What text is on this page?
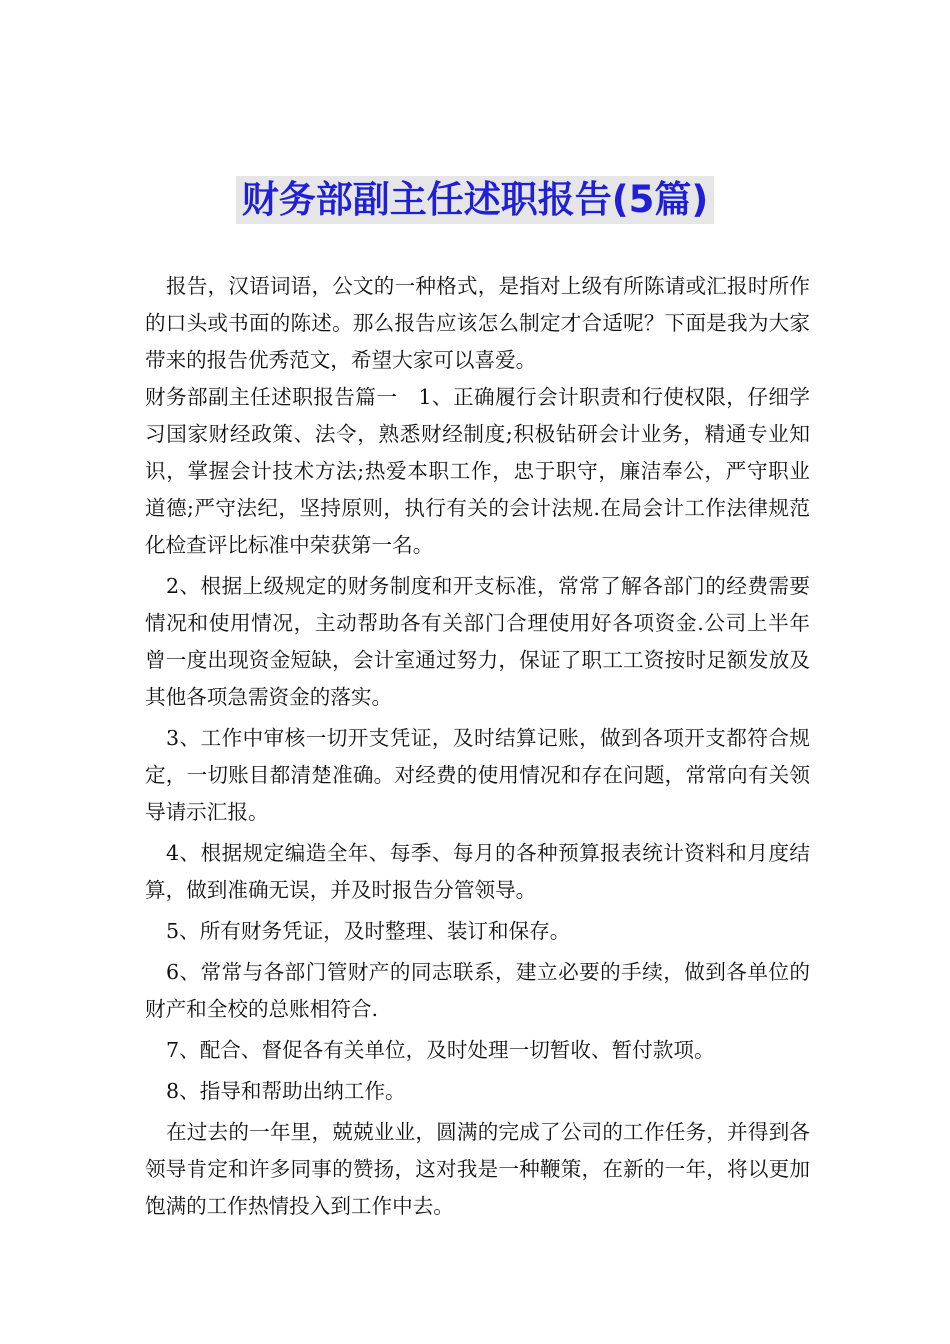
财务部副主任述职报告(5篇)

报告，汉语词语，公文的一种格式，是指对上级有所陈请或汇报时所作的口头或书面的陈述。那么报告应该怎么制定才合适呢？下面是我为大家带来的报告优秀范文，希望大家可以喜爱。

财务部副主任述职报告篇一　1、正确履行会计职责和行使权限，仔细学习国家财经政策、法令，熟悉财经制度;积极钻研会计业务，精通专业知识，掌握会计技术方法;热爱本职工作，忠于职守，廉洁奉公，严守职业道德;严守法纪，坚持原则，执行有关的会计法规.在局会计工作法律规范化检查评比标准中荣获第一名。

2、根据上级规定的财务制度和开支标准，常常了解各部门的经费需要情况和使用情况，主动帮助各有关部门合理使用好各项资金.公司上半年曾一度出现资金短缺，会计室通过努力，保证了职工工资按时足额发放及其他各项急需资金的落实。

3、工作中审核一切开支凭证，及时结算记账，做到各项开支都符合规定，一切账目都清楚准确。对经费的使用情况和存在问题，常常向有关领导请示汇报。

4、根据规定编造全年、每季、每月的各种预算报表统计资料和月度结算，做到准确无误，并及时报告分管领导。

5、所有财务凭证，及时整理、装订和保存。

6、常常与各部门管财产的同志联系，建立必要的手续，做到各单位的财产和全校的总账相符合.

7、配合、督促各有关单位，及时处理一切暂收、暂付款项。

8、指导和帮助出纳工作。

在过去的一年里，兢兢业业，圆满的完成了公司的工作任务，并得到各领导肯定和许多同事的赞扬，这对我是一种鞭策，在新的一年，将以更加饱满的工作热情投入到工作中去。
